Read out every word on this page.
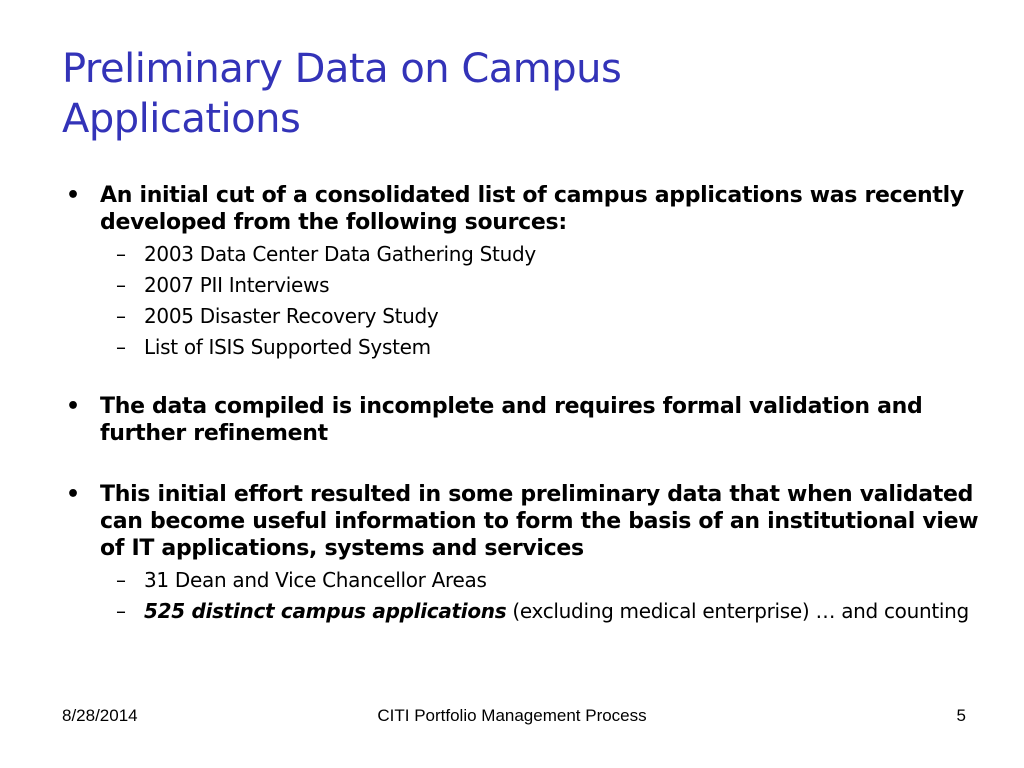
Preliminary Data on Campus
Applications
• An initial cut of a consolidated list of campus applications was recently developed from the following sources:
– 2003 Data Center Data Gathering Study
– 2007 PII Interviews
– 2005 Disaster Recovery Study
– List of ISIS Supported System
• The data compiled is incomplete and requires formal validation and further refinement
• This initial effort resulted in some preliminary data that when validated can become useful information to form the basis of an institutional view of IT applications, systems and services
– 31 Dean and Vice Chancellor Areas
– 525 distinct campus applications (excluding medical enterprise) … and counting
8/28/2014	CITI Portfolio Management Process	5
